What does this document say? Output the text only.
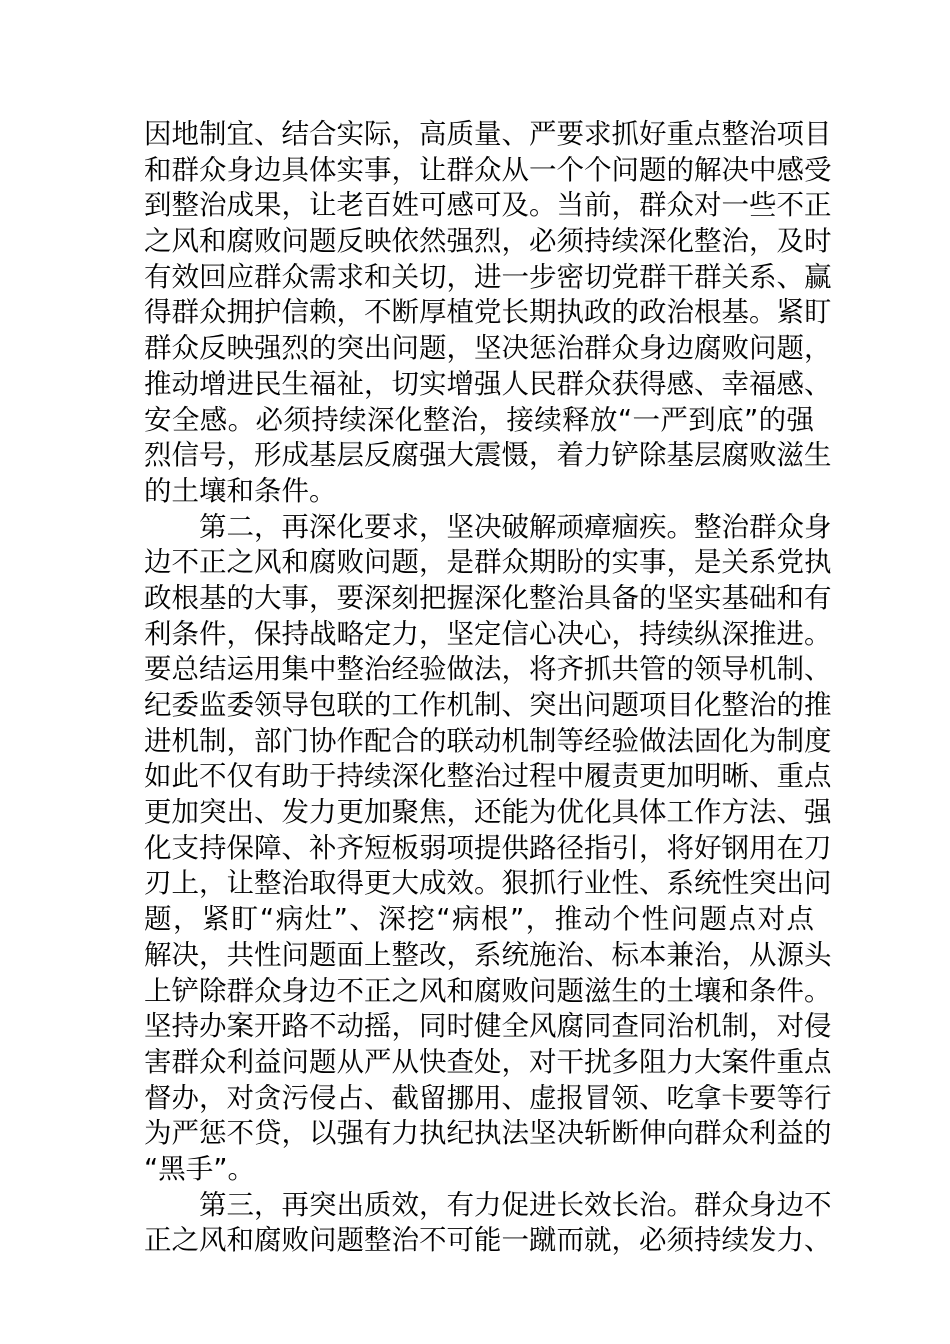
因地制宜、结合实际，高质量、严要求抓好重点整治项目
和群众身边具体实事，让群众从一个个问题的解决中感受
到整治成果，让老百姓可感可及。当前，群众对一些不正
之风和腐败问题反映依然强烈，必须持续深化整治，及时
有效回应群众需求和关切，进一步密切党群干群关系、赢
得群众拥护信赖，不断厚植党长期执政的政治根基。紧盯
群众反映强烈的突出问题，坚决惩治群众身边腐败问题，
推动增进民生福祉，切实增强人民群众获得感、幸福感、
安全感。必须持续深化整治，接续释放“一严到底”的强
烈信号，形成基层反腐强大震慑，着力铲除基层腐败滋生
的土壤和条件。
第二，再深化要求，坚决破解顽瘴痼疾。整治群众身
边不正之风和腐败问题，是群众期盼的实事，是关系党执
政根基的大事，要深刻把握深化整治具备的坚实基础和有
利条件，保持战略定力，坚定信心决心，持续纵深推进。
要总结运用集中整治经验做法，将齐抓共管的领导机制、
纪委监委领导包联的工作机制、突出问题项目化整治的推
进机制，部门协作配合的联动机制等经验做法固化为制度
如此不仅有助于持续深化整治过程中履责更加明晰、重点
更加突出、发力更加聚焦，还能为优化具体工作方法、强
化支持保障、补齐短板弱项提供路径指引，将好钢用在刀
刃上，让整治取得更大成效。狠抓行业性、系统性突出问
题，紧盯“病灶”、深挖“病根”，推动个性问题点对点
解决，共性问题面上整改，系统施治、标本兼治，从源头
上铲除群众身边不正之风和腐败问题滋生的土壤和条件。
坚持办案开路不动摇，同时健全风腐同查同治机制，对侵
害群众利益问题从严从快查处，对干扰多阻力大案件重点
督办，对贪污侵占、截留挪用、虚报冒领、吃拿卡要等行
为严惩不贷，以强有力执纪执法坚决斩断伸向群众利益的
“黑手”。
第三，再突出质效，有力促进长效长治。群众身边不
正之风和腐败问题整治不可能一蹴而就，必须持续发力、
